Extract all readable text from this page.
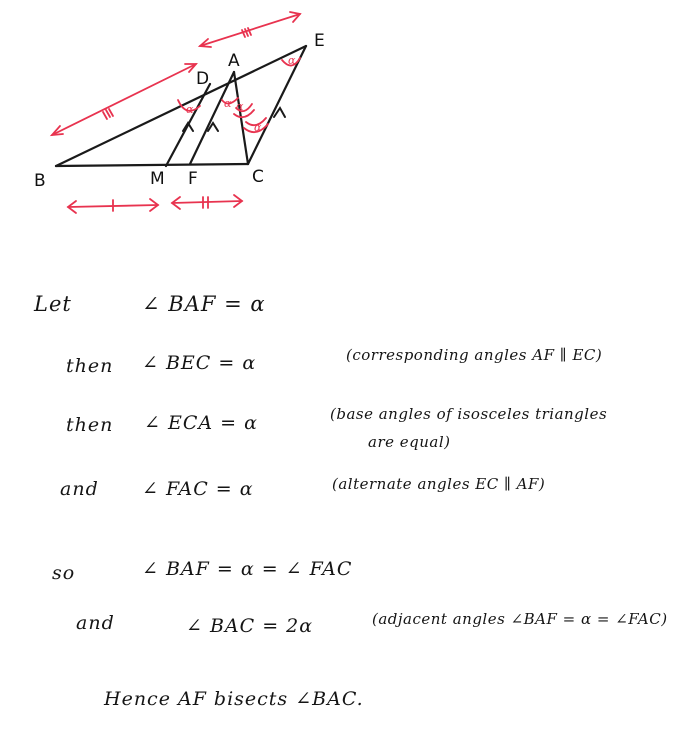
α	α α
α
α
B	M F	C
D
A
E
Let	∠ BAF = α
then ∠ BEC = α	(corresponding angles AF ∥ EC)
then ∠ ECA = α	(base angles of isosceles triangles
are equal)
and ∠ FAC = α	(alternate angles EC ∥ AF)
so	∠ BAF = α = ∠ FAC
and	∠ BAC = 2α	(adjacent angles ∠BAF = α = ∠FAC)
Hence AF bisects ∠BAC.
